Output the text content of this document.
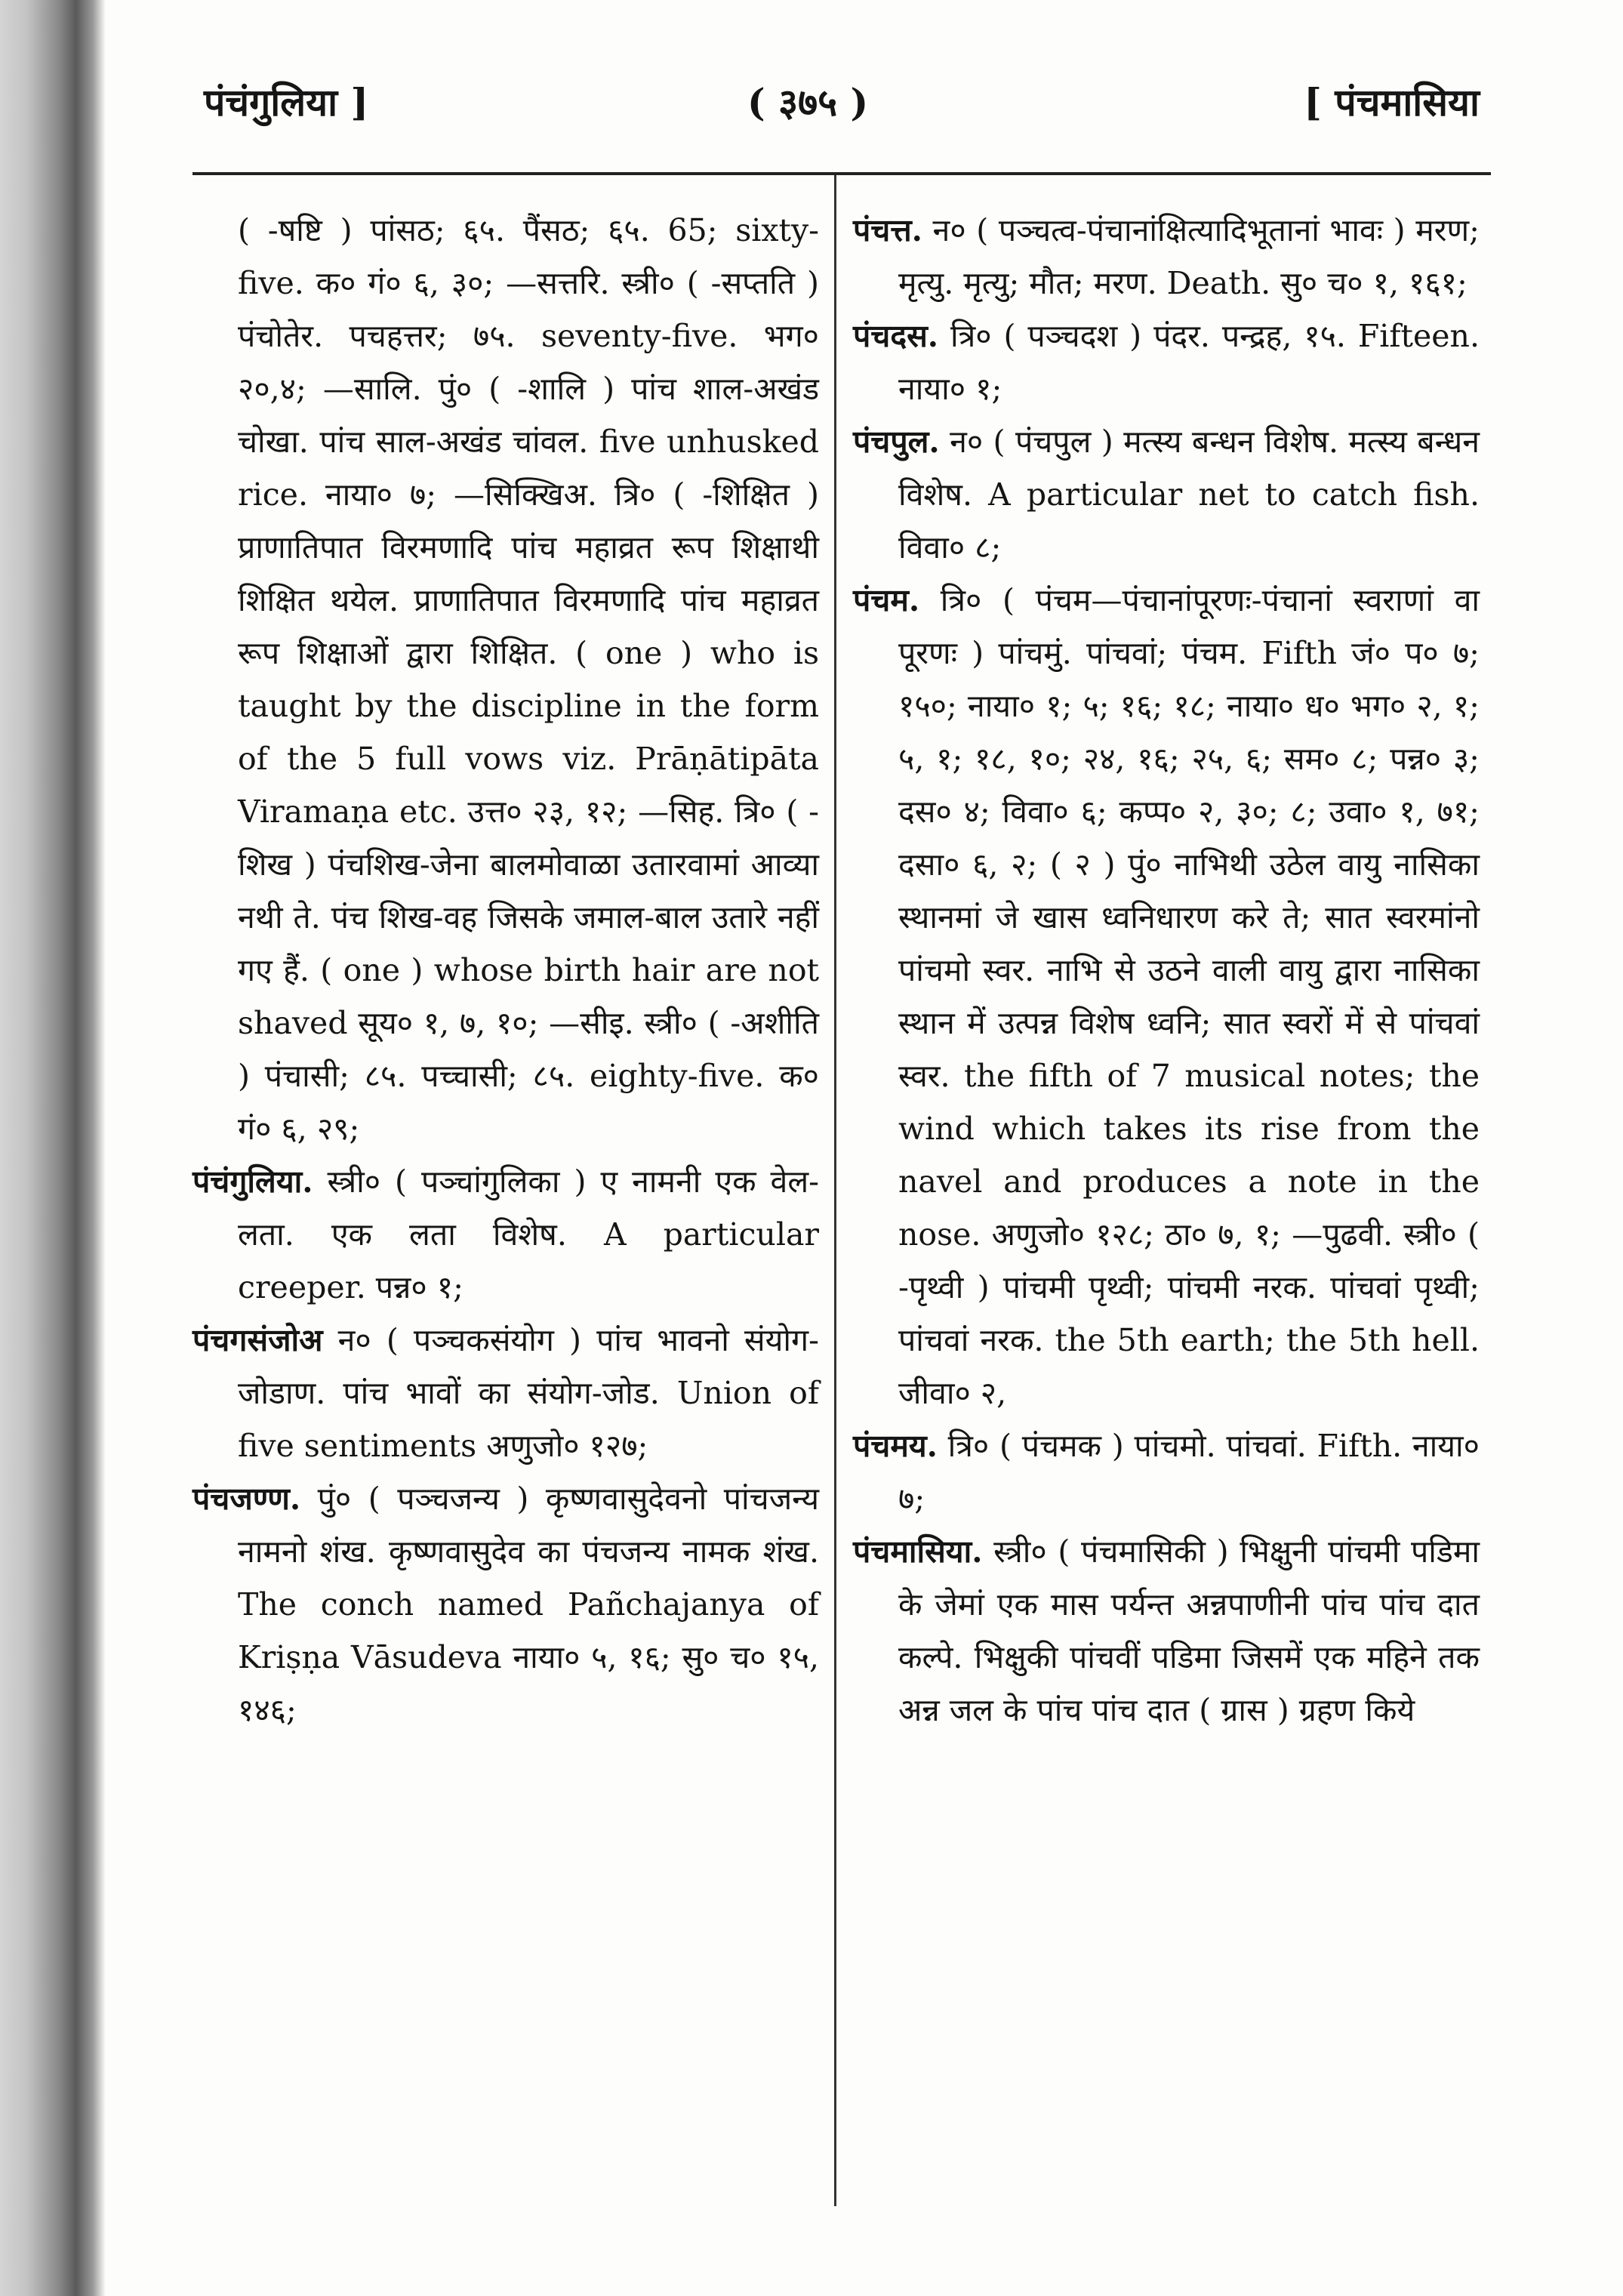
पंचंगुलिया ]	( ३७५ )	[ पंचमासिया

( -षष्टि ) पांसठ; ६५. पैंसठ; ६५. 65; sixty-five. क० गं० ६, ३०; —सत्तरि. स्त्री० ( -सप्तति ) पंचोतेर. पचहत्तर; ७५. seventy-five. भग० २०,४; —सालि. पुं० ( -शालि ) पांच शाल-अखंड चोखा. पांच साल-अखंड चांवल. five unhusked rice. नाया० ७; —सिक्खिअ. त्रि० ( -शिक्षित ) प्राणातिपात विरमणादि पांच महाव्रत रूप शिक्षाथी शिक्षित थयेल. प्राणातिपात विरमणादि पांच महाव्रत रूप शिक्षाओं द्वारा शिक्षित. ( one ) who is taught by the discipline in the form of the 5 full vows viz. Prāṇātipāta Viramaṇa etc. उत्त० २३, १२; —सिह. त्रि० ( -शिख ) पंचशिख-जेना बालमोवाळा उतारवामां आव्या नथी ते. पंच शिख-वह जिसके जमाल-बाल उतारे नहीं गए हैं. ( one ) whose birth hair are not shaved सूय० १, ७, १०; —सीइ. स्त्री० ( -अशीति ) पंचासी; ८५. पच्चासी; ८५. eighty-five. क० गं० ६, २९;

पंचंगुलिया. स्त्री० ( पञ्चांगुलिका ) ए नामनी एक वेल-लता. एक लता विशेष. A particular creeper. पन्न० १;

पंचगसंजोअ न० ( पञ्चकसंयोग ) पांच भावनो संयोग-जोडाण. पांच भावों का संयोग-जोड. Union of five sentiments अणुजो० १२७;

पंचजण्ण. पुं० ( पञ्चजन्य ) कृष्णवासुदेवनो पांचजन्य नामनो शंख. कृष्णवासुदेव का पंचजन्य नामक शंख. The conch named Pañchajanya of Kriṣṇa Vāsudeva नाया० ५, १६; सु० च० १५, १४६;

पंचत्त. न० ( पञ्चत्व-पंचानांक्षित्यादिभूतानां भावः ) मरण; मृत्यु. मृत्यु; मौत; मरण. Death. सु० च० १, १६१;

पंचदस. त्रि० ( पञ्चदश ) पंदर. पन्द्रह, १५. Fifteen. नाया० १;

पंचपुल. न० ( पंचपुल ) मत्स्य बन्धन विशेष. मत्स्य बन्धन विशेष. A particular net to catch fish. विवा० ८;

पंचम. त्रि० ( पंचम—पंचानांपूरणः-पंचानां स्वराणां वा पूरणः ) पांचमुं. पांचवां; पंचम. Fifth जं० प० ७; १५०; नाया० १; ५; १६; १८; नाया० ध० भग० २, १; ५, १; १८, १०; २४, १६; २५, ६; सम० ८; पन्न० ३; दस० ४; विवा० ६; कप्प० २, ३०; ८; उवा० १, ७१; दसा० ६, २; ( २ ) पुं० नाभिथी उठेल वायु नासिका स्थानमां जे खास ध्वनिधारण करे ते; सात स्वरमांनो पांचमो स्वर. नाभि से उठने वाली वायु द्वारा नासिका स्थान में उत्पन्न विशेष ध्वनि; सात स्वरों में से पांचवां स्वर. the fifth of 7 musical notes; the wind which takes its rise from the navel and produces a note in the nose. अणुजो० १२८; ठा० ७, १; —पुढवी. स्त्री० ( -पृथ्वी ) पांचमी पृथ्वी; पांचमी नरक. पांचवां पृथ्वी; पांचवां नरक. the 5th earth; the 5th hell. जीवा० २,

पंचमय. त्रि० ( पंचमक ) पांचमो. पांचवां. Fifth. नाया० ७;

पंचमासिया. स्त्री० ( पंचमासिकी ) भिक्षुनी पांचमी पडिमा के जेमां एक मास पर्यन्त अन्नपाणीनी पांच पांच दात कल्पे. भिक्षुकी पांचवीं पडिमा जिसमें एक महिने तक अन्न जल के पांच पांच दात ( ग्रास ) ग्रहण किये
